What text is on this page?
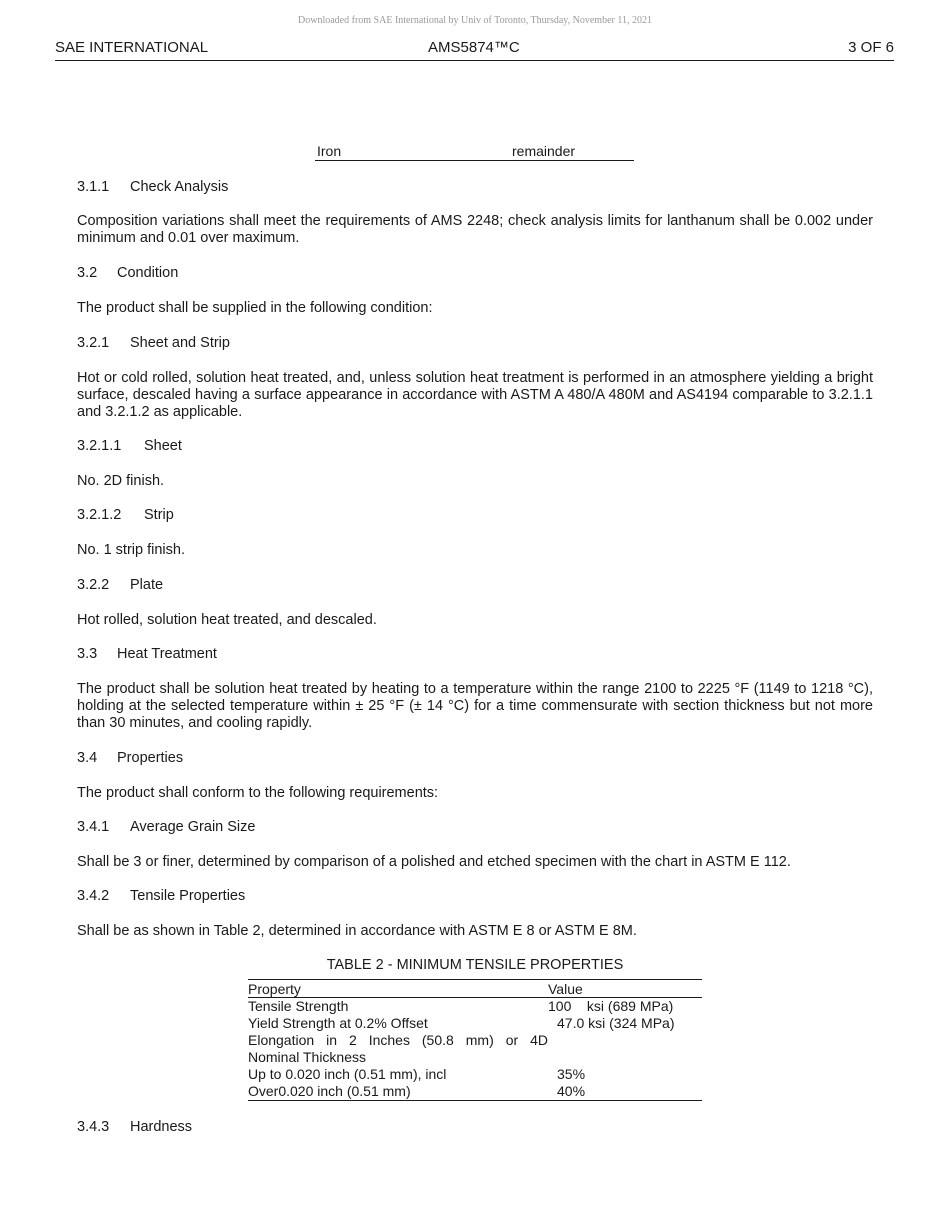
Downloaded from SAE International by Univ of Toronto, Thursday, November 11, 2021
SAE INTERNATIONAL	AMS5874™C	3 OF 6
Iron	remainder
3.1.1 Check Analysis
Composition variations shall meet the requirements of AMS 2248; check analysis limits for lanthanum shall be 0.002 under minimum and 0.01 over maximum.
3.2 Condition
The product shall be supplied in the following condition:
3.2.1 Sheet and Strip
Hot or cold rolled, solution heat treated, and, unless solution heat treatment is performed in an atmosphere yielding a bright surface, descaled having a surface appearance in accordance with ASTM A 480/A 480M and AS4194 comparable to 3.2.1.1 and 3.2.1.2 as applicable.
3.2.1.1 Sheet
No. 2D finish.
3.2.1.2 Strip
No. 1 strip finish.
3.2.2 Plate
Hot rolled, solution heat treated, and descaled.
3.3 Heat Treatment
The product shall be solution heat treated by heating to a temperature within the range 2100 to 2225 °F (1149 to 1218 °C), holding at the selected temperature within ± 25 °F (± 14 °C) for a time commensurate with section thickness but not more than 30 minutes, and cooling rapidly.
3.4 Properties
The product shall conform to the following requirements:
3.4.1 Average Grain Size
Shall be 3 or finer, determined by comparison of a polished and etched specimen with the chart in ASTM E 112.
3.4.2 Tensile Properties
Shall be as shown in Table 2, determined in accordance with ASTM E 8 or ASTM E 8M.
TABLE 2 - MINIMUM TENSILE PROPERTIES
Property	Value
Tensile Strength	100    ksi (689 MPa)
Yield Strength at 0.2% Offset	47.0 ksi (324 MPa)
Elongation in 2 Inches (50.8 mm) or 4D	
Nominal Thickness	
Up to 0.020 inch (0.51 mm), incl	35%
Over0.020 inch (0.51 mm)	40%
3.4.3 Hardness
